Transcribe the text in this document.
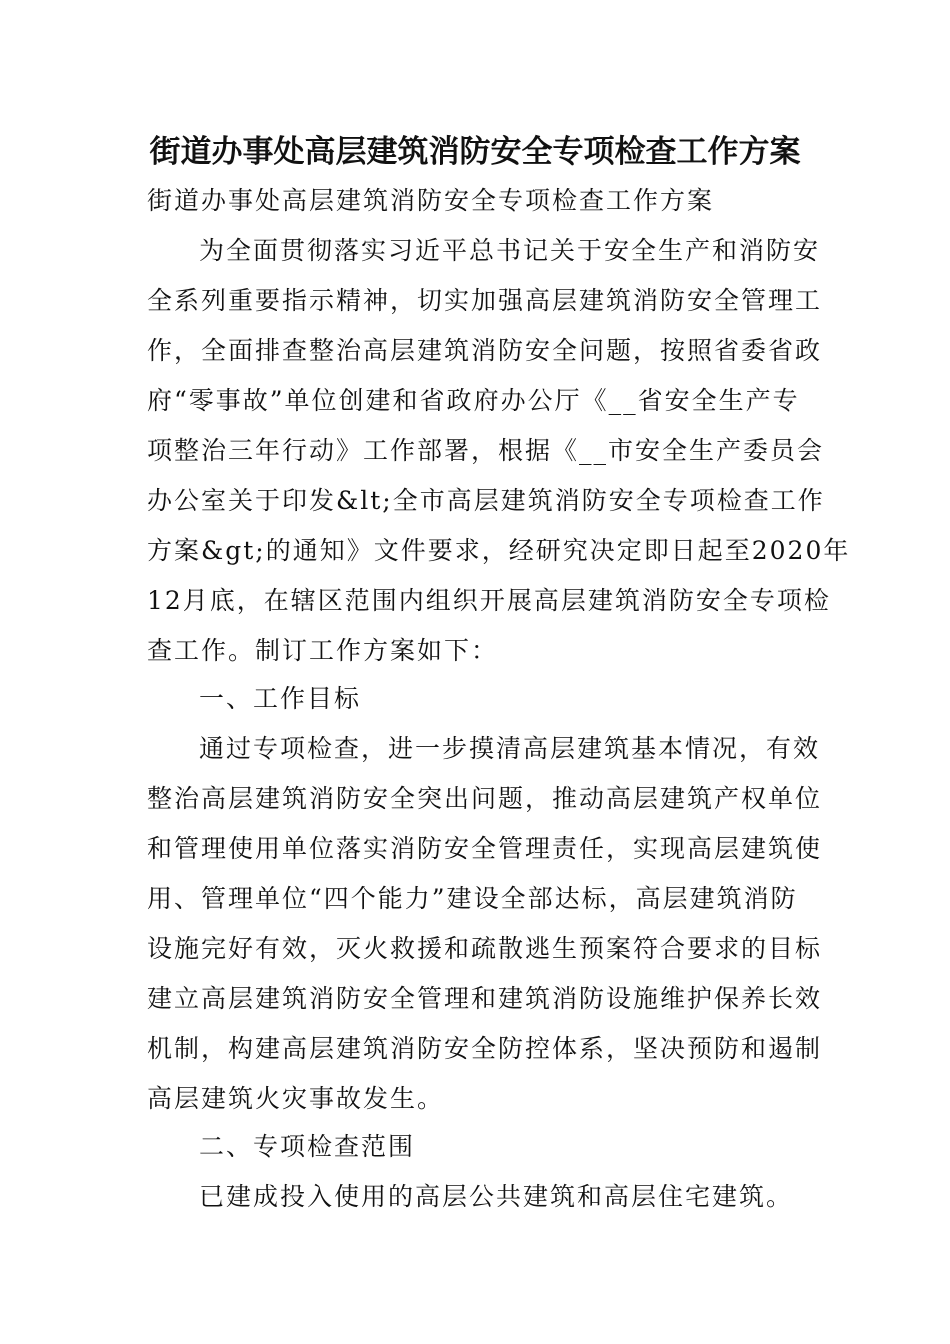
街道办事处高层建筑消防安全专项检查工作方案
街道办事处高层建筑消防安全专项检查工作方案
为全面贯彻落实习近平总书记关于安全生产和消防安
全系列重要指示精神，切实加强高层建筑消防安全管理工
作，全面排查整治高层建筑消防安全问题，按照省委省政
府“零事故”单位创建和省政府办公厅《__省安全生产专
项整治三年行动》工作部署，根据《__市安全生产委员会
办公室关于印发&lt;全市高层建筑消防安全专项检查工作
方案&gt;的通知》文件要求，经研究决定即日起至2020年
12月底，在辖区范围内组织开展高层建筑消防安全专项检
查工作。制订工作方案如下：
一、工作目标
通过专项检查，进一步摸清高层建筑基本情况，有效
整治高层建筑消防安全突出问题，推动高层建筑产权单位
和管理使用单位落实消防安全管理责任，实现高层建筑使
用、管理单位“四个能力”建设全部达标，高层建筑消防
设施完好有效，灭火救援和疏散逃生预案符合要求的目标
建立高层建筑消防安全管理和建筑消防设施维护保养长效
机制，构建高层建筑消防安全防控体系，坚决预防和遏制
高层建筑火灾事故发生。
二、专项检查范围
已建成投入使用的高层公共建筑和高层住宅建筑。
